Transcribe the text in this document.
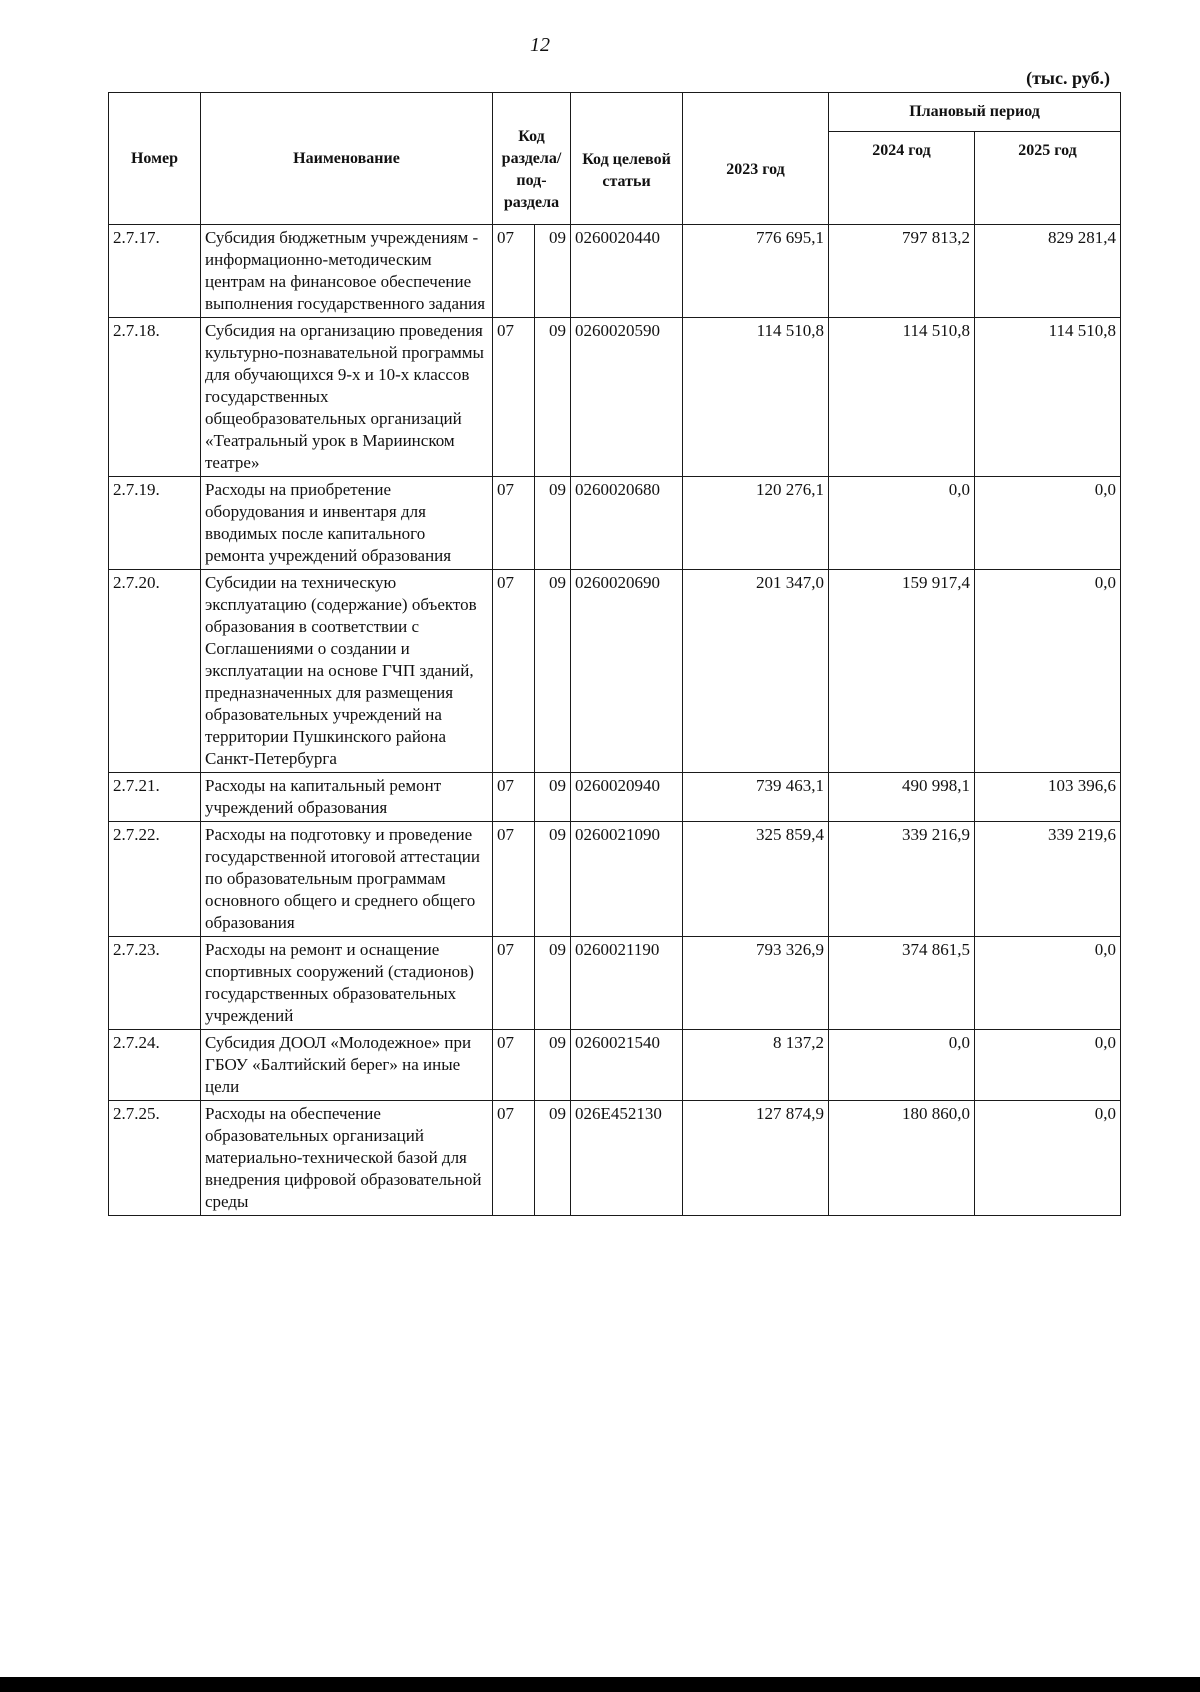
12
(тыс. руб.)
Номер	Наименование	Код раздела/ под- раздела		Код целевой статьи	2023 год	Плановый период	
						2024 год	2025 год
2.7.17.	Субсидия бюджетным учреждениям - информационно-методическим центрам на финансовое обеспечение выполнения государственного задания	07	09	0260020440	776 695,1	797 813,2	829 281,4
2.7.18.	Субсидия на организацию проведения культурно-познавательной программы для обучающихся 9-х и 10-х классов государственных общеобразовательных организаций «Театральный урок в Мариинском театре»	07	09	0260020590	114 510,8	114 510,8	114 510,8
2.7.19.	Расходы на приобретение оборудования и инвентаря для вводимых после капитального ремонта учреждений образования	07	09	0260020680	120 276,1	0,0	0,0
2.7.20.	Субсидии на техническую эксплуатацию (содержание) объектов образования в соответствии с Соглашениями о создании и эксплуатации на основе ГЧП зданий, предназначенных для размещения образовательных учреждений на территории Пушкинского района Санкт-Петербурга	07	09	0260020690	201 347,0	159 917,4	0,0
2.7.21.	Расходы на капитальный ремонт учреждений образования	07	09	0260020940	739 463,1	490 998,1	103 396,6
2.7.22.	Расходы на подготовку и проведение государственной итоговой аттестации по образовательным программам основного общего и среднего общего образования	07	09	0260021090	325 859,4	339 216,9	339 219,6
2.7.23.	Расходы на ремонт и оснащение спортивных сооружений (стадионов) государственных образовательных учреждений	07	09	0260021190	793 326,9	374 861,5	0,0
2.7.24.	Субсидия ДООЛ «Молодежное» при ГБОУ «Балтийский берег» на иные цели	07	09	0260021540	8 137,2	0,0	0,0
2.7.25.	Расходы на обеспечение образовательных организаций материально-технической базой для внедрения цифровой образовательной среды	07	09	026E452130	127 874,9	180 860,0	0,0
